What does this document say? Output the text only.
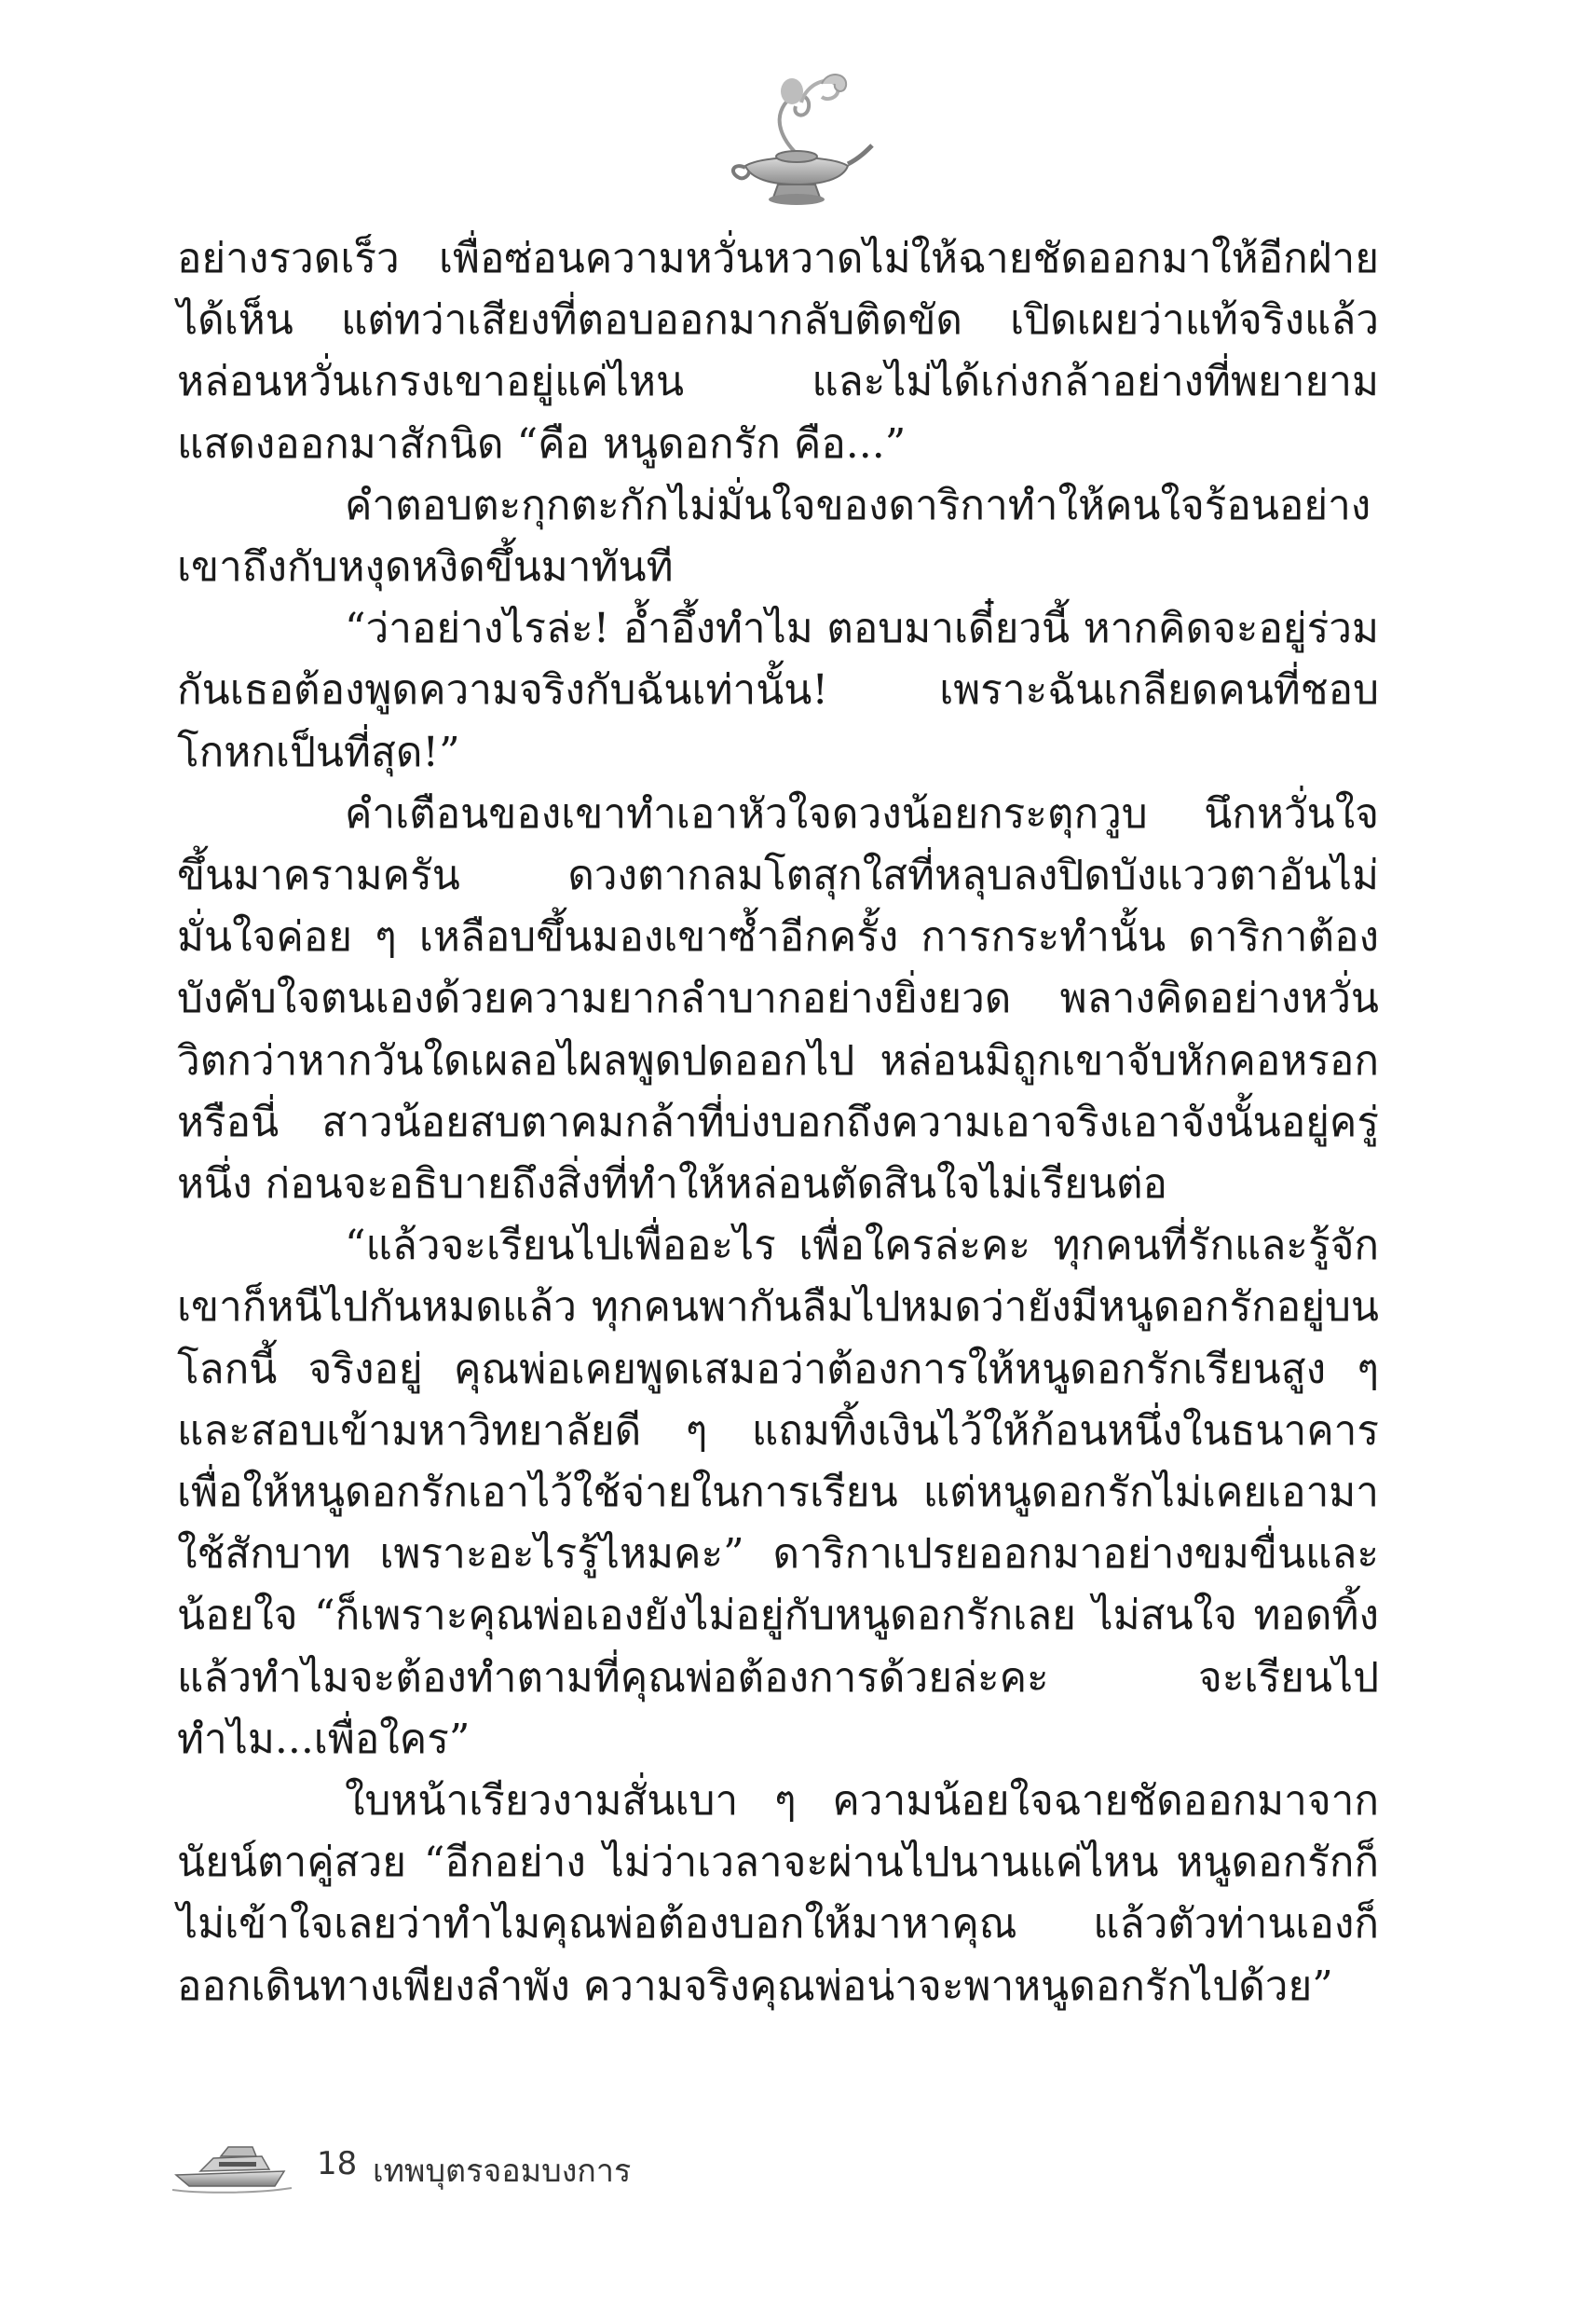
อย่างรวดเร็ว เพื่อซ่อนความหวั่นหวาดไม่ให้ฉายชัดออกมาให้อีกฝ่ายได้เห็น แต่ทว่าเสียงที่ตอบออกมากลับติดขัด เปิดเผยว่าแท้จริงแล้วหล่อนหวั่นเกรงเขาอยู่แค่ไหน และไม่ได้เก่งกล้าอย่างที่พยายามแสดงออกมาสักนิด “คือ หนูดอกรัก คือ...”

คำตอบตะกุกตะกักไม่มั่นใจของดาริกาทำให้คนใจร้อนอย่างเขาถึงกับหงุดหงิดขึ้นมาทันที

“ว่าอย่างไรล่ะ! อ้ำอึ้งทำไม ตอบมาเดี๋ยวนี้ หากคิดจะอยู่ร่วมกันเธอต้องพูดความจริงกับฉันเท่านั้น! เพราะฉันเกลียดคนที่ชอบโกหกเป็นที่สุด!”

คำเตือนของเขาทำเอาหัวใจดวงน้อยกระตุกวูบ นึกหวั่นใจขึ้นมาครามครัน ดวงตากลมโตสุกใสที่หลุบลงปิดบังแววตาอันไม่มั่นใจค่อย ๆ เหลือบขึ้นมองเขาซ้ำอีกครั้ง การกระทำนั้น ดาริกาต้องบังคับใจตนเองด้วยความยากลำบากอย่างยิ่งยวด พลางคิดอย่างหวั่นวิตกว่าหากวันใดเผลอไผลพูดปดออกไป หล่อนมิถูกเขาจับหักคอหรอกหรือนี่ สาวน้อยสบตาคมกล้าที่บ่งบอกถึงความเอาจริงเอาจังนั้นอยู่ครู่หนึ่ง ก่อนจะอธิบายถึงสิ่งที่ทำให้หล่อนตัดสินใจไม่เรียนต่อ

“แล้วจะเรียนไปเพื่ออะไร เพื่อใครล่ะคะ ทุกคนที่รักและรู้จักเขาก็หนีไปกันหมดแล้ว ทุกคนพากันลืมไปหมดว่ายังมีหนูดอกรักอยู่บนโลกนี้ จริงอยู่ คุณพ่อเคยพูดเสมอว่าต้องการให้หนูดอกรักเรียนสูง ๆ และสอบเข้ามหาวิทยาลัยดี ๆ แถมทิ้งเงินไว้ให้ก้อนหนึ่งในธนาคารเพื่อให้หนูดอกรักเอาไว้ใช้จ่ายในการเรียน แต่หนูดอกรักไม่เคยเอามาใช้สักบาท เพราะอะไรรู้ไหมคะ” ดาริกาเปรยออกมาอย่างขมขื่นและน้อยใจ “ก็เพราะคุณพ่อเองยังไม่อยู่กับหนูดอกรักเลย ไม่สนใจ ทอดทิ้ง แล้วทำไมจะต้องทำตามที่คุณพ่อต้องการด้วยล่ะคะ จะเรียนไปทำไม...เพื่อใคร”

ใบหน้าเรียวงามสั่นเบา ๆ ความน้อยใจฉายชัดออกมาจากนัยน์ตาคู่สวย “อีกอย่าง ไม่ว่าเวลาจะผ่านไปนานแค่ไหน หนูดอกรักก็ไม่เข้าใจเลยว่าทำไมคุณพ่อต้องบอกให้มาหาคุณ แล้วตัวท่านเองก็ออกเดินทางเพียงลำพัง ความจริงคุณพ่อน่าจะพาหนูดอกรักไปด้วย”

18 เทพบุตรจอมบงการ
